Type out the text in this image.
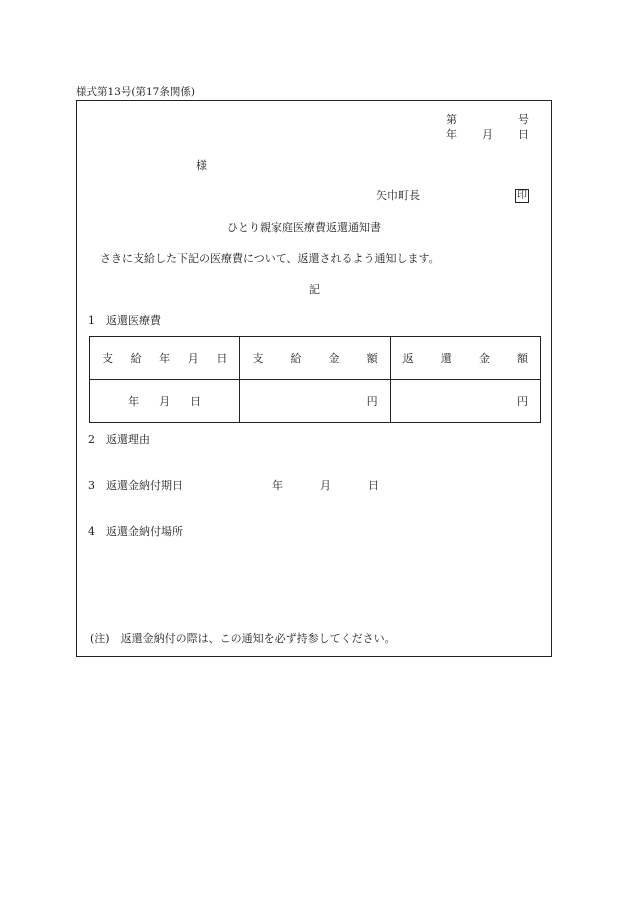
様式第13号(第17条関係)
第	号
年 月 日
様
矢巾町長	印
ひとり親家庭医療費返還通知書
さきに支給した下記の医療費について、返還されるよう通知します。
記
1　返還医療費
支 給 年 月 日	支 給 金 額	返 還 金 額

年 月 日	円	円
2　返還理由
3　返還金納付期日	年	月	日
4　返還金納付場所
(注)　返還金納付の際は、この通知を必ず持参してください。
